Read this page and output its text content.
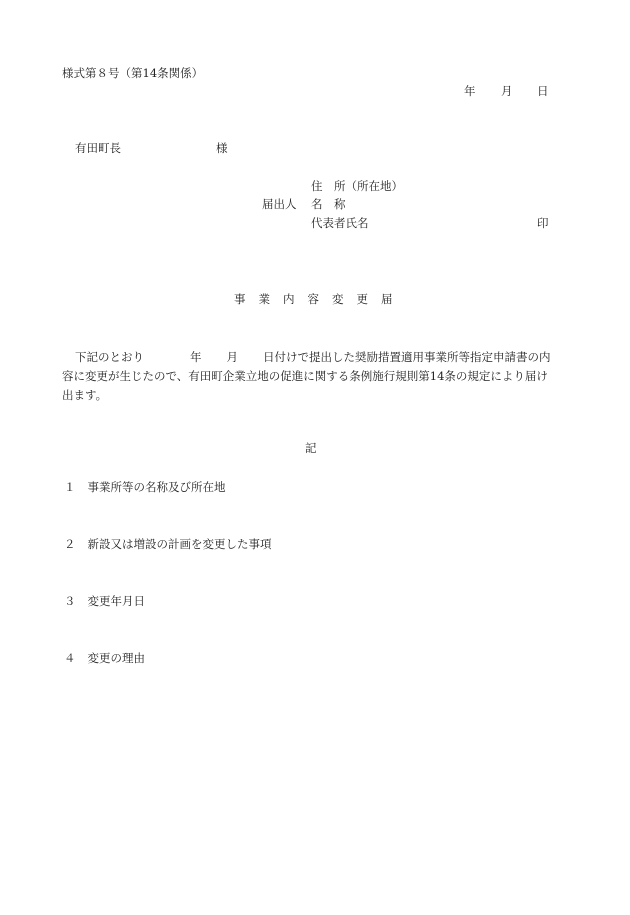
様式第８号（第14条関係）
年 月 日
有田町長	様
住　所（所在地）
届出人 名　称
代表者氏名	印
事業内容変更届
下記のとおり	年 月 日付けで提出した奨励措置適用事業所等指定申請書の内
容に変更が生じたので、有田町企業立地の促進に関する条例施行規則第14条の規定により届け
出ます。
記
１ 事業所等の名称及び所在地
２ 新設又は増設の計画を変更した事項
３ 変更年月日
４ 変更の理由
